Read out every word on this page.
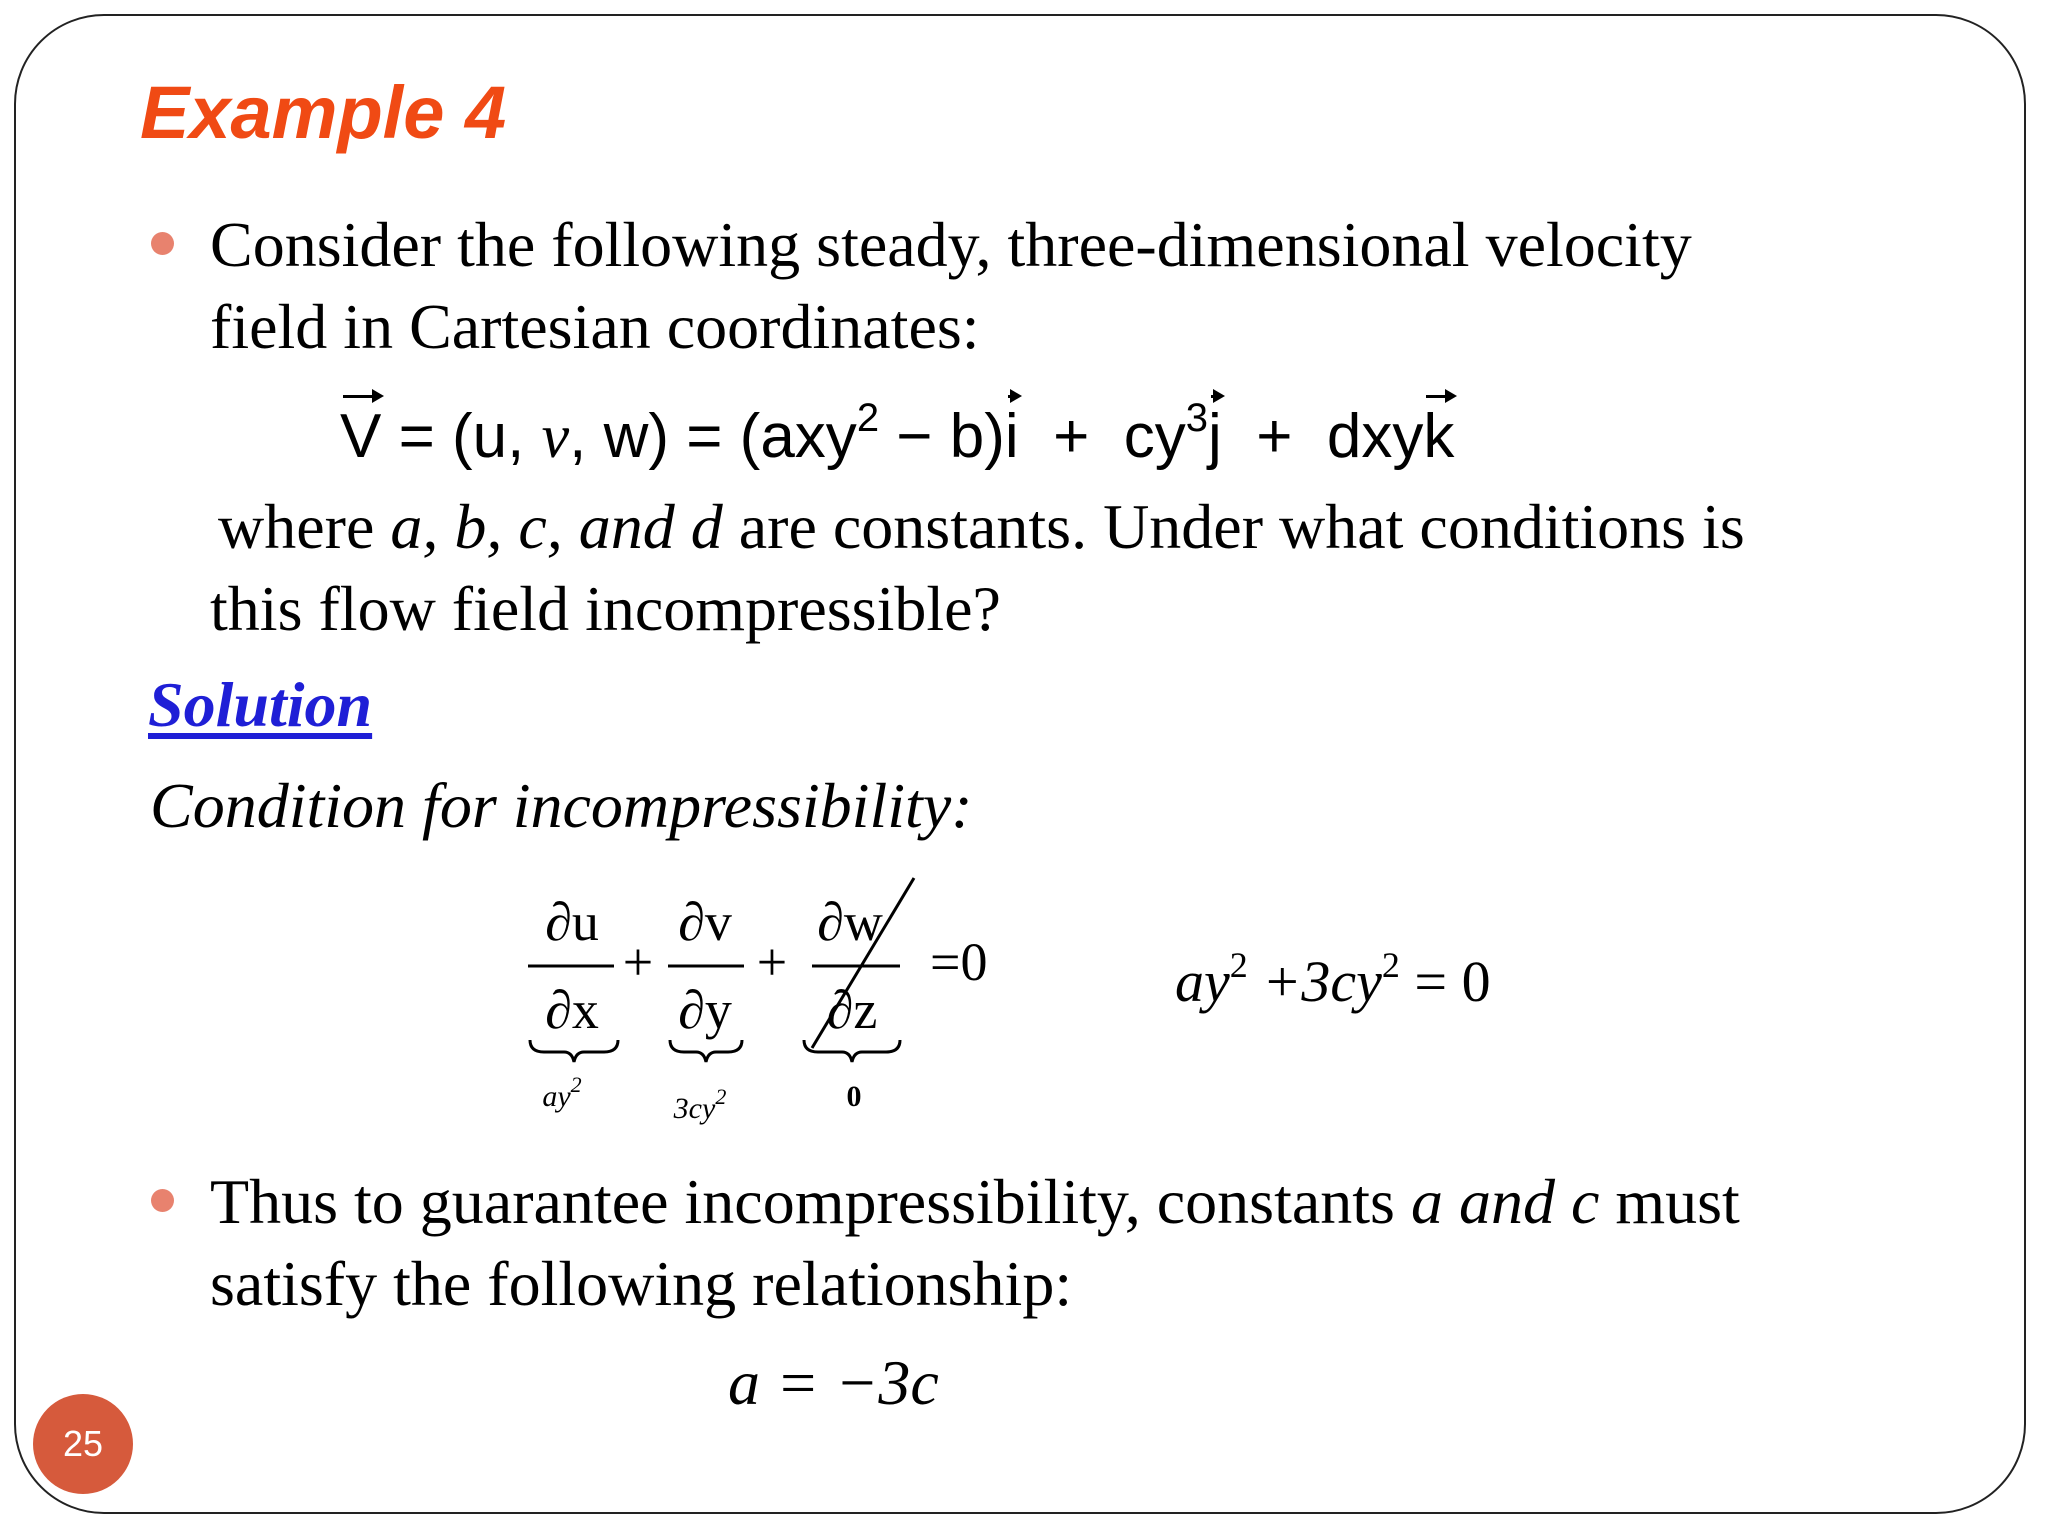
Example 4
Consider the following steady, three-dimensional velocity
field in Cartesian coordinates:
V = (u, v, $w) = (axy^2 - b)i + cy^3j$  +  dxyk
where a, b, c, and d are constants. Under what conditions is
this flow field incompressible?
Solution
Condition for incompressibility:
∂u
∂x
+
∂v
∂y
+
∂w
∂z
=0
$ay^2$
$3cy^2$	0
$ay^2 +3cy^2 = 0$
Thus to guarantee incompressibility, constants a and c must
satisfy the following relationship:
a = −3c
25
